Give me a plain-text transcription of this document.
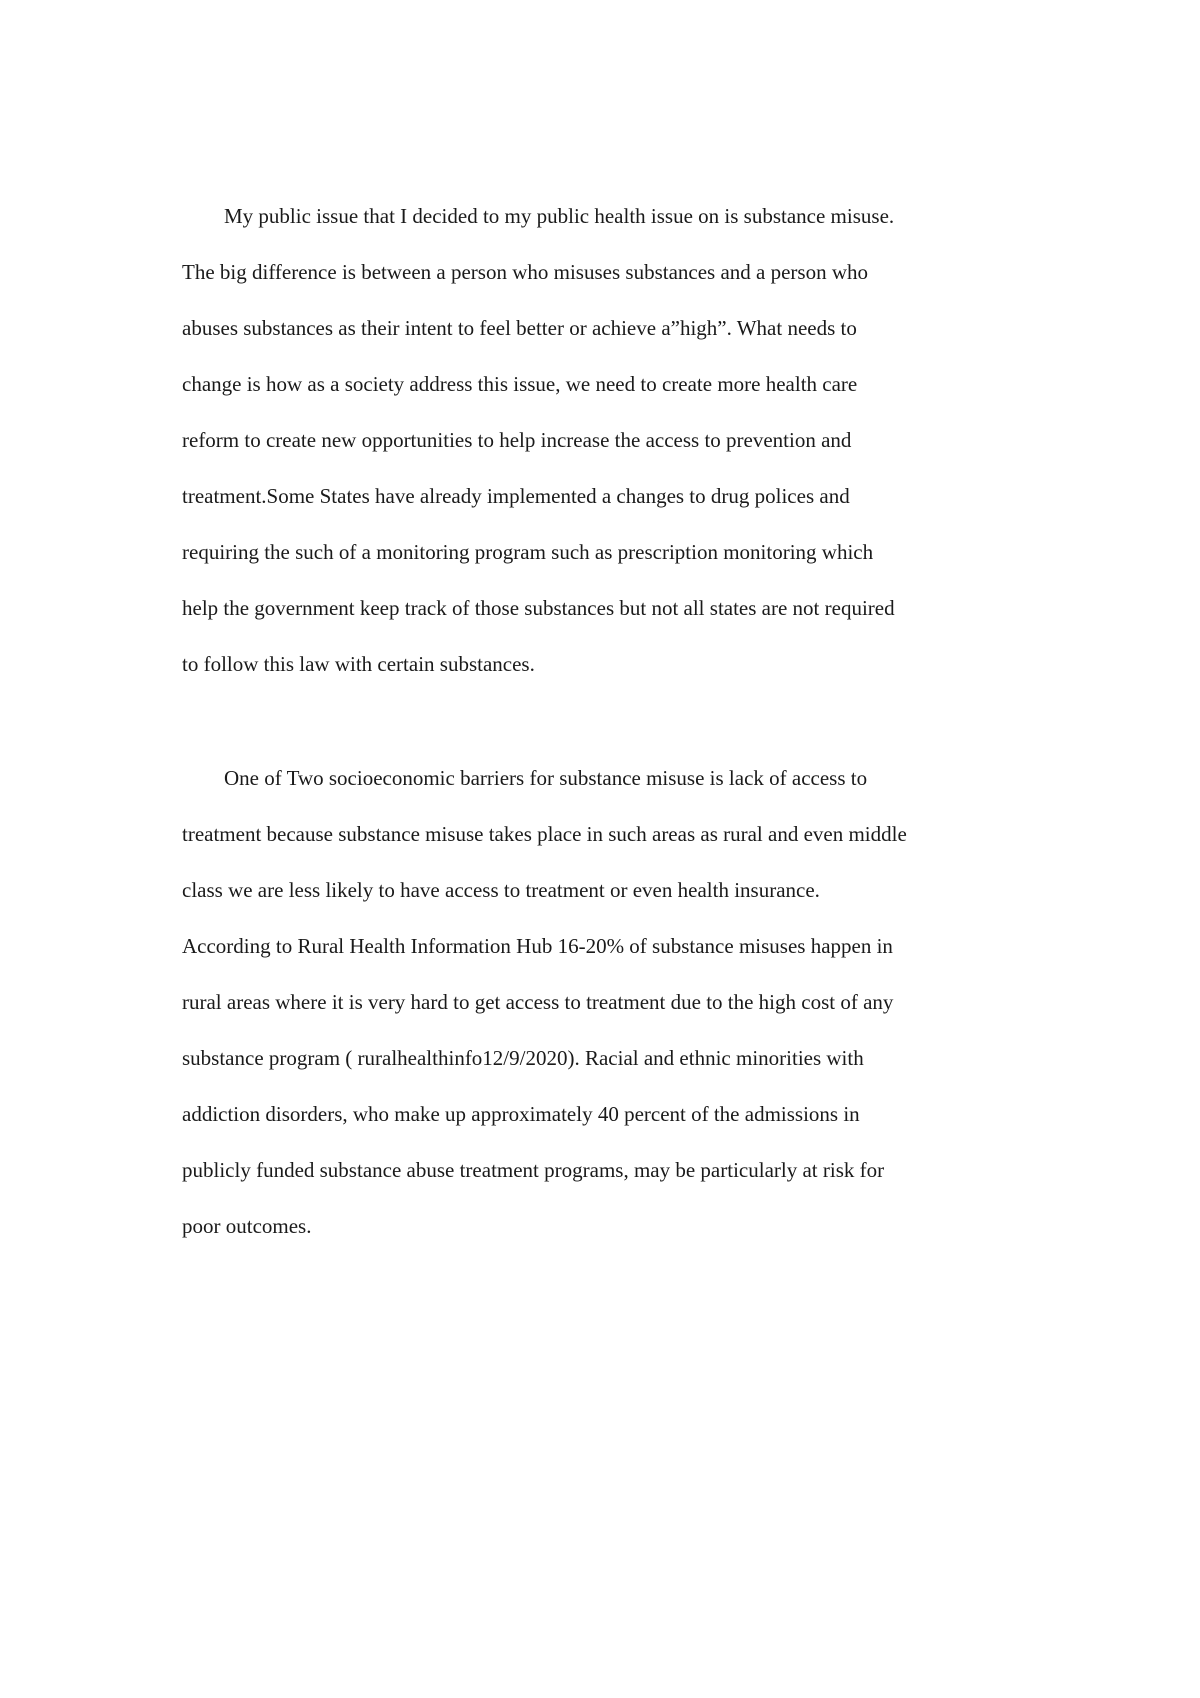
My public issue that I decided to my public health issue on is substance misuse.
The big difference is between a person who misuses substances and a person who
abuses substances as their intent to feel better or achieve a”high”. What needs to
change is how as a society address this issue, we need to create more health care
reform to create new opportunities to help increase the access to prevention and
treatment.Some States have already implemented a changes to drug polices and
requiring the such of a monitoring program such as prescription monitoring which
help the government keep track of those substances but not all states are not required
to follow this law with certain substances.
One of Two socioeconomic barriers for substance misuse is lack of access to
treatment because substance misuse takes place in such areas as rural and even middle
class we are less likely to have access to treatment or even health insurance.
According to Rural Health Information Hub 16-20% of substance misuses happen in
rural areas where it is very hard to get access to treatment due to the high cost of any
substance program ( ruralhealthinfo12/9/2020). Racial and ethnic minorities with
addiction disorders, who make up approximately 40 percent of the admissions in
publicly funded substance abuse treatment programs, may be particularly at risk for
poor outcomes.
